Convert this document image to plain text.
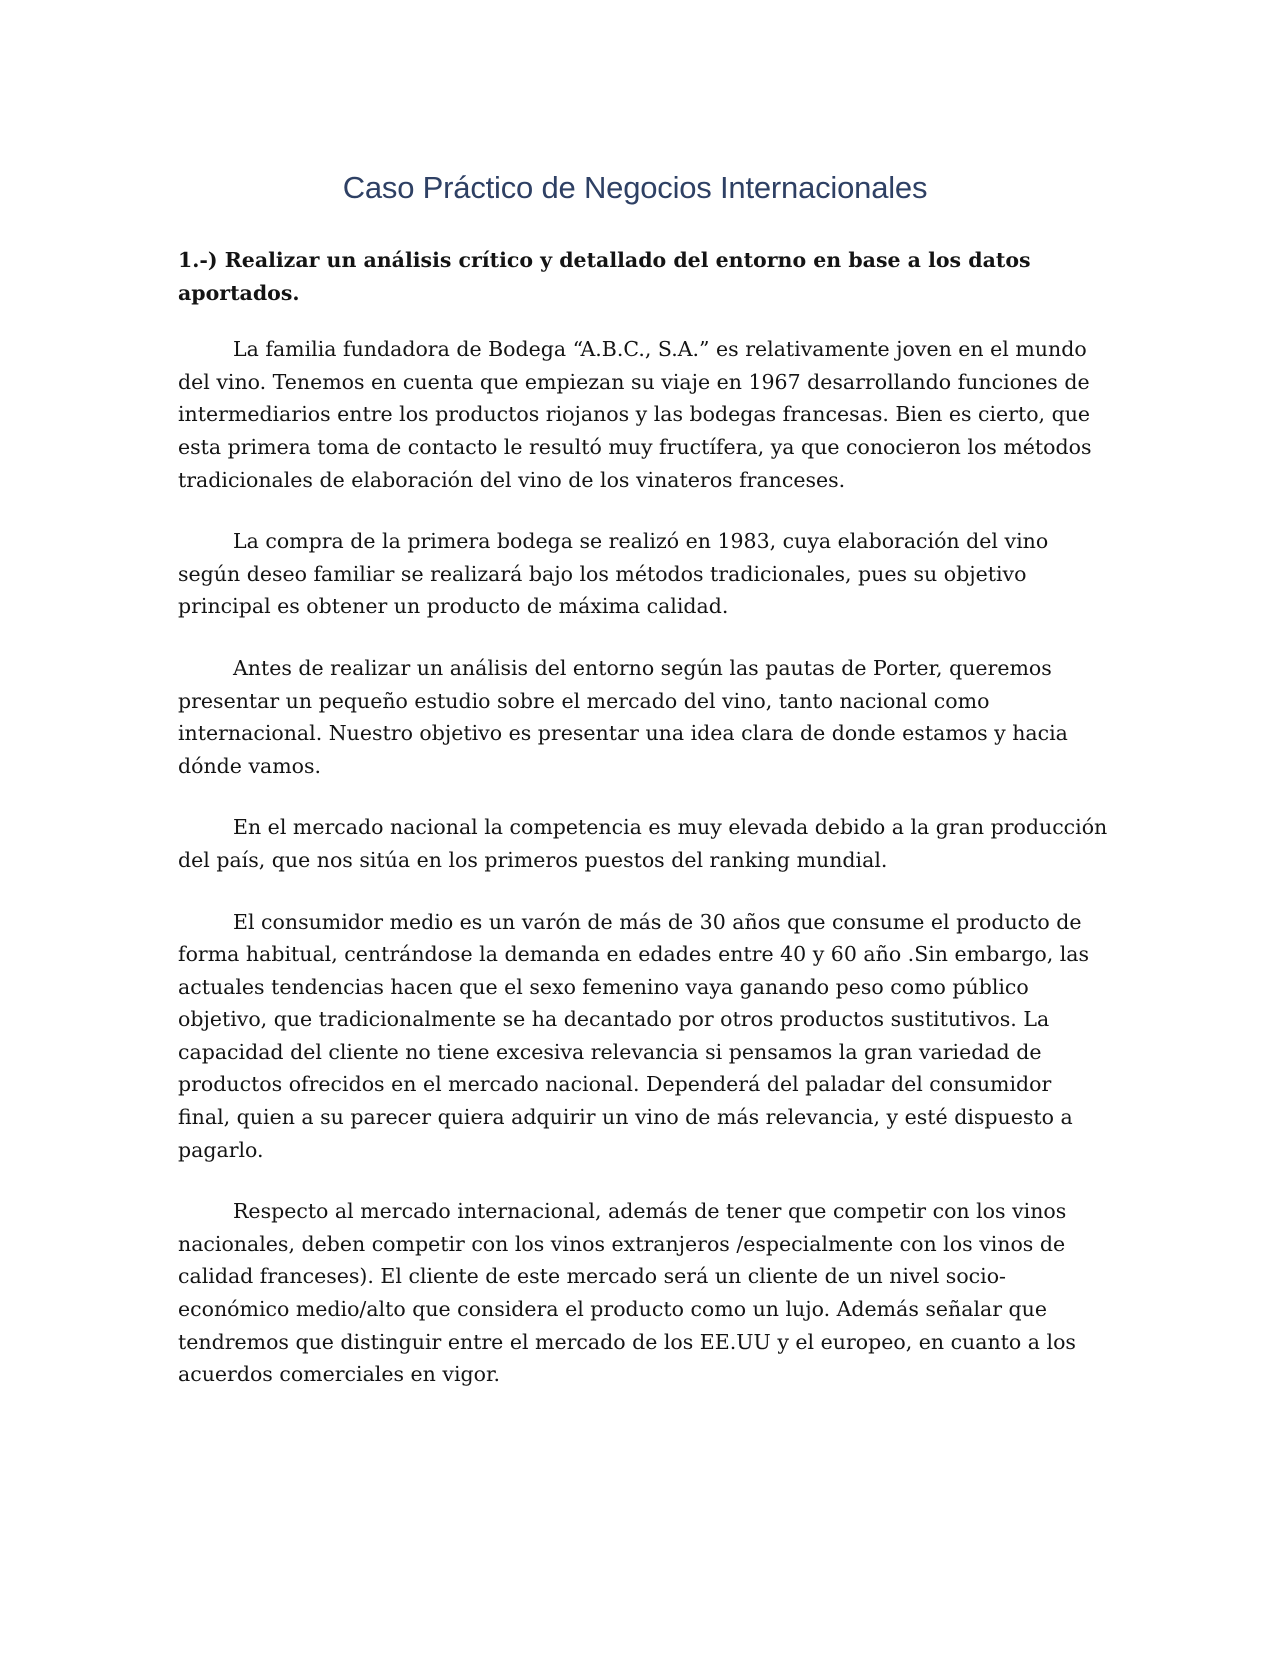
Caso Práctico de Negocios Internacionales

1.-) Realizar un análisis crítico y detallado del entorno en base a los datos aportados.

La familia fundadora de Bodega “A.B.C., S.A.” es relativamente joven en el mundo del vino. Tenemos en cuenta que empiezan su viaje en 1967 desarrollando funciones de intermediarios entre los productos riojanos y las bodegas francesas. Bien es cierto, que esta primera toma de contacto le resultó muy fructífera, ya que conocieron los métodos tradicionales de elaboración del vino de los vinateros franceses.

La compra de la primera bodega se realizó en 1983, cuya elaboración del vino según deseo familiar se realizará bajo los métodos tradicionales, pues su objetivo principal es obtener un producto de máxima calidad.

Antes de realizar un análisis del entorno según las pautas de Porter, queremos presentar un pequeño estudio sobre el mercado del vino, tanto nacional como internacional. Nuestro objetivo es presentar una idea clara de donde estamos y hacia dónde vamos.

En el mercado nacional la competencia es muy elevada debido a la gran producción del país, que nos sitúa en los primeros puestos del ranking mundial.

El consumidor medio es un varón de más de 30 años que consume el producto de forma habitual, centrándose la demanda en edades entre 40 y 60 año .Sin embargo, las actuales tendencias hacen que el sexo femenino vaya ganando peso como público objetivo, que tradicionalmente se ha decantado por otros productos sustitutivos. La capacidad del cliente no tiene excesiva relevancia si pensamos la gran variedad de productos ofrecidos en el mercado nacional. Dependerá del paladar del consumidor final, quien a su parecer quiera adquirir un vino de más relevancia, y esté dispuesto a pagarlo.

Respecto al mercado internacional, además de tener que competir con los vinos nacionales, deben competir con los vinos extranjeros /especialmente con los vinos de calidad franceses). El cliente de este mercado será un cliente de un nivel socio-económico medio/alto que considera el producto como un lujo. Además señalar que tendremos que distinguir entre el mercado de los EE.UU y el europeo, en cuanto a los acuerdos comerciales en vigor.
